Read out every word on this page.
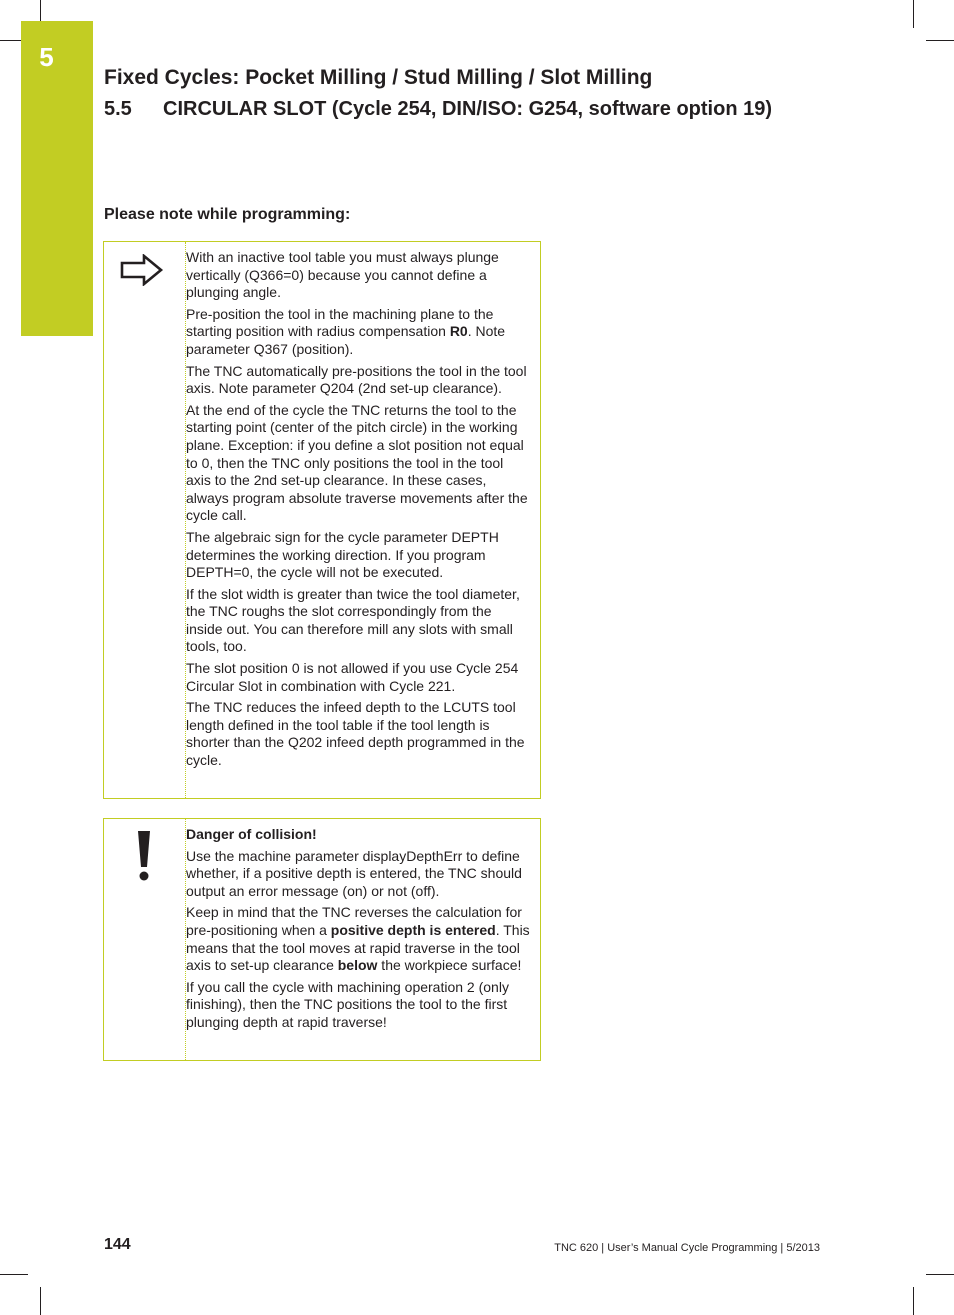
5
Fixed Cycles: Pocket Milling / Stud Milling / Slot Milling
5.5 CIRCULAR SLOT (Cycle 254, DIN/ISO: G254, software option 19)
Please note while programming:

With an inactive tool table you must always plunge vertically (Q366=0) because you cannot define a plunging angle.

Pre-position the tool in the machining plane to the starting position with radius compensation R0. Note parameter Q367 (position).

The TNC automatically pre-positions the tool in the tool axis. Note parameter Q204 (2nd set-up clearance).

At the end of the cycle the TNC returns the tool to the starting point (center of the pitch circle) in the working plane. Exception: if you define a slot position not equal to 0, then the TNC only positions the tool in the tool axis to the 2nd set-up clearance. In these cases, always program absolute traverse movements after the cycle call.

The algebraic sign for the cycle parameter DEPTH determines the working direction. If you program DEPTH=0, the cycle will not be executed.

If the slot width is greater than twice the tool diameter, the TNC roughs the slot correspondingly from the inside out. You can therefore mill any slots with small tools, too.

The slot position 0 is not allowed if you use Cycle 254 Circular Slot in combination with Cycle 221.

The TNC reduces the infeed depth to the LCUTS tool length defined in the tool table if the tool length is shorter than the Q202 infeed depth programmed in the cycle.

Danger of collision!

Use the machine parameter displayDepthErr to define whether, if a positive depth is entered, the TNC should output an error message (on) or not (off).

Keep in mind that the TNC reverses the calculation for pre-positioning when a positive depth is entered. This means that the tool moves at rapid traverse in the tool axis to set-up clearance below the workpiece surface!

If you call the cycle with machining operation 2 (only finishing), then the TNC positions the tool to the first plunging depth at rapid traverse!

144	TNC 620 | User’s Manual Cycle Programming | 5/2013
